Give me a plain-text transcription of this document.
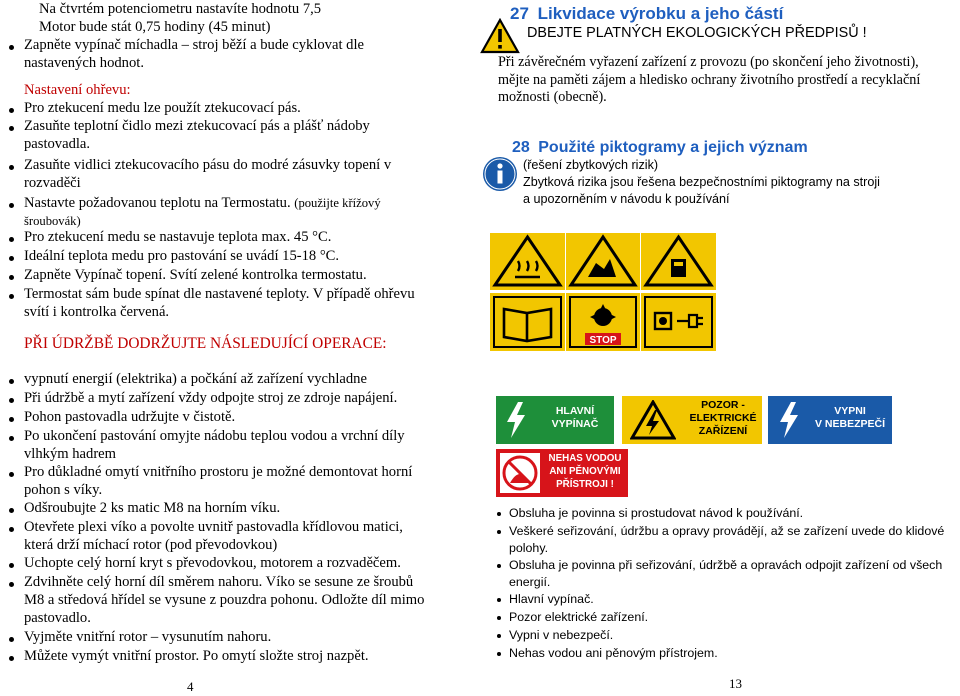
Na čtvrtém potenciometru nastavíte hodnotu 7,5
Motor bude stát 0,75 hodiny (45 minut)
Zapněte vypínač míchadla – stroj běží a bude cyklovat dle
nastavených hodnot.
Nastavení ohřevu:
Pro ztekucení medu lze použít ztekucovací pás.
Zasuňte teplotní čidlo mezi ztekucovací pás a plášť nádoby
pastovadla.
Zasuňte vidlici ztekucovacího pásu do modré zásuvky topení v
rozvaděči
Nastavte požadovanou teplotu na Termostatu. (použijte křížový
šroubovák)
Pro ztekucení medu se nastavuje teplota max. 45 °C.
Ideální teplota medu pro pastování se uvádí 15-18 °C.
Zapněte Vypínač topení. Svítí zelené kontrolka termostatu.
Termostat sám bude spínat dle nastavené teploty. V případě ohřevu
svítí i kontrolka červená.
PŘI ÚDRŽBĚ DODRŽUJTE NÁSLEDUJÍCÍ OPERACE:
vypnutí energií (elektrika) a počkání až zařízení vychladne
Při údržbě a mytí zařízení vždy odpojte stroj ze zdroje napájení.
Pohon pastovadla udržujte v čistotě.
Po ukončení pastování omyjte nádobu teplou vodou a vrchní díly
vlhkým hadrem
Pro důkladné omytí vnitřního prostoru je možné demontovat horní
pohon s víky.
Odšroubujte 2 ks matic M8 na horním víku.
Otevřete plexi víko a povolte uvnitř pastovadla křídlovou matici,
která drží míchací rotor (pod převodovkou)
Uchopte celý horní kryt s převodovkou, motorem a rozvaděčem.
Zdvihněte celý horní díl směrem nahoru. Víko se sesune ze šroubů
M8 a středová hřídel se vysune z pouzdra pohonu. Odložte díl mimo
pastovadlo.
Vyjměte vnitřní rotor – vysunutím nahoru.
Můžete vymýt vnitřní prostor. Po omytí složte stroj nazpět.
4
27 Likvidace výrobku a jeho částí
DBEJTE PLATNÝCH EKOLOGICKÝCH PŘEDPISŮ !
Při závěrečném vyřazení zařízení z provozu (po skončení jeho životnosti),
mějte na paměti zájem a hledisko ochrany životního prostředí a recyklační
možnosti (obecně).
28 Použité piktogramy a jejich význam
(řešení zbytkových rizik)
Zbytková rizika jsou řešena bezpečnostními piktogramy na stroji
a upozorněním v návodu k používání
STOP
HLAVNÍ
VYPÍNAČ
POZOR -
ELEKTRICKÉ
ZAŘÍZENÍ
VYPNI
V NEBEZPEČÍ
NEHAS VODOU
ANI PĚNOVÝMI
PŘÍSTROJI !
Obsluha je povinna si prostudovat návod k používání.
Veškeré seřizování, údržbu a opravy provádějí, až se zařízení uvede do klidové
polohy.
Obsluha je povinna při seřizování, údržbě a opravách odpojit zařízení od všech
energií.
Hlavní vypínač.
Pozor elektrické zařízení.
Vypni v nebezpečí.
Nehas vodou ani pěnovým přístrojem.
13
